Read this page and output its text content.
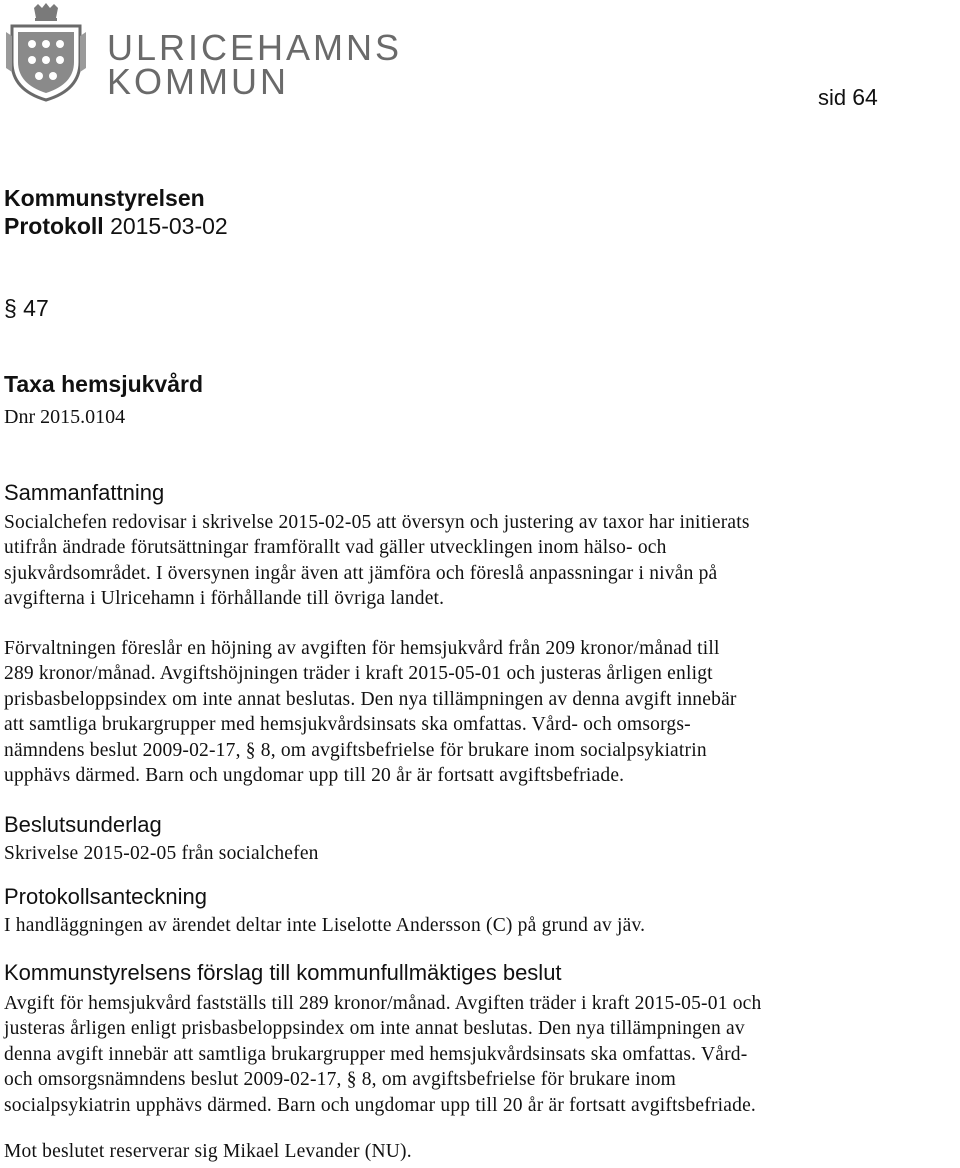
ULRICEHAMNS
KOMMUN	sid 64
Kommunstyrelsen
Protokoll 2015-03-02
§ 47
Taxa hemsjukvård
Dnr 2015.0104
Sammanfattning
Socialchefen redovisar i skrivelse 2015-02-05 att översyn och justering av taxor har initierats
utifrån ändrade förutsättningar framförallt vad gäller utvecklingen inom hälso- och
sjukvårdsområdet. I översynen ingår även att jämföra och föreslå anpassningar i nivån på
avgifterna i Ulricehamn i förhållande till övriga landet.
Förvaltningen föreslår en höjning av avgiften för hemsjukvård från 209 kronor/månad till
289 kronor/månad. Avgiftshöjningen träder i kraft 2015-05-01 och justeras årligen enligt
prisbasbeloppsindex om inte annat beslutas. Den nya tillämpningen av denna avgift innebär
att samtliga brukargrupper med hemsjukvårdsinsats ska omfattas. Vård- och omsorgs-
nämndens beslut 2009-02-17, § 8, om avgiftsbefrielse för brukare inom socialpsykiatrin
upphävs därmed. Barn och ungdomar upp till 20 år är fortsatt avgiftsbefriade.
Beslutsunderlag
Skrivelse 2015-02-05 från socialchefen
Protokollsanteckning
I handläggningen av ärendet deltar inte Liselotte Andersson (C) på grund av jäv.
Kommunstyrelsens förslag till kommunfullmäktiges beslut
Avgift för hemsjukvård fastställs till 289 kronor/månad. Avgiften träder i kraft 2015-05-01 och
justeras årligen enligt prisbasbeloppsindex om inte annat beslutas. Den nya tillämpningen av
denna avgift innebär att samtliga brukargrupper med hemsjukvårdsinsats ska omfattas. Vård-
och omsorgsnämndens beslut 2009-02-17, § 8, om avgiftsbefrielse för brukare inom
socialpsykiatrin upphävs därmed. Barn och ungdomar upp till 20 år är fortsatt avgiftsbefriade.
Mot beslutet reserverar sig Mikael Levander (NU).
